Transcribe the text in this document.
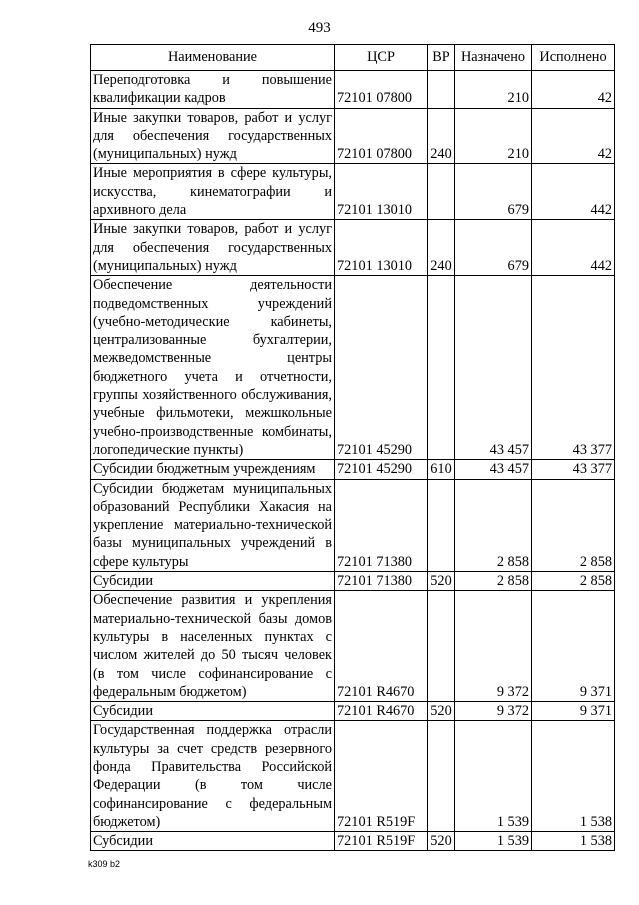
493
Наименование	ЦСР	ВР	Назначено	Исполнено
Переподготовка и повышение квалификации кадров	72101 07800		210	42
Иные закупки товаров, работ и услуг для обеспечения государственных (муниципальных) нужд	72101 07800	240	210	42
Иные мероприятия в сфере культуры, искусства, кинематографии и архивного дела	72101 13010		679	442
Иные закупки товаров, работ и услуг для обеспечения государственных (муниципальных) нужд	72101 13010	240	679	442
Обеспечение деятельности подведомственных учреждений (учебно-методические кабинеты, централизованные бухгалтерии, межведомственные центры бюджетного учета и отчетности, группы хозяйственного обслуживания, учебные фильмотеки, межшкольные учебно-производственные комбинаты, логопедические пункты)	72101 45290		43 457	43 377
Субсидии бюджетным учреждениям	72101 45290	610	43 457	43 377
Субсидии бюджетам муниципальных образований Республики Хакасия на укрепление материально-технической базы муниципальных учреждений в сфере культуры	72101 71380		2 858	2 858
Субсидии	72101 71380	520	2 858	2 858
Обеспечение развития и укрепления материально-технической базы домов культуры в населенных пунктах с числом жителей до 50 тысяч человек (в том числе софинансирование с федеральным бюджетом)	72101 R4670		9 372	9 371
Субсидии	72101 R4670	520	9 372	9 371
Государственная поддержка отрасли культуры за счет средств резервного фонда Правительства Российской Федерации (в том числе софинансирование с федеральным бюджетом)	72101 R519F		1 539	1 538
Субсидии	72101 R519F	520	1 539	1 538
k309 b2
